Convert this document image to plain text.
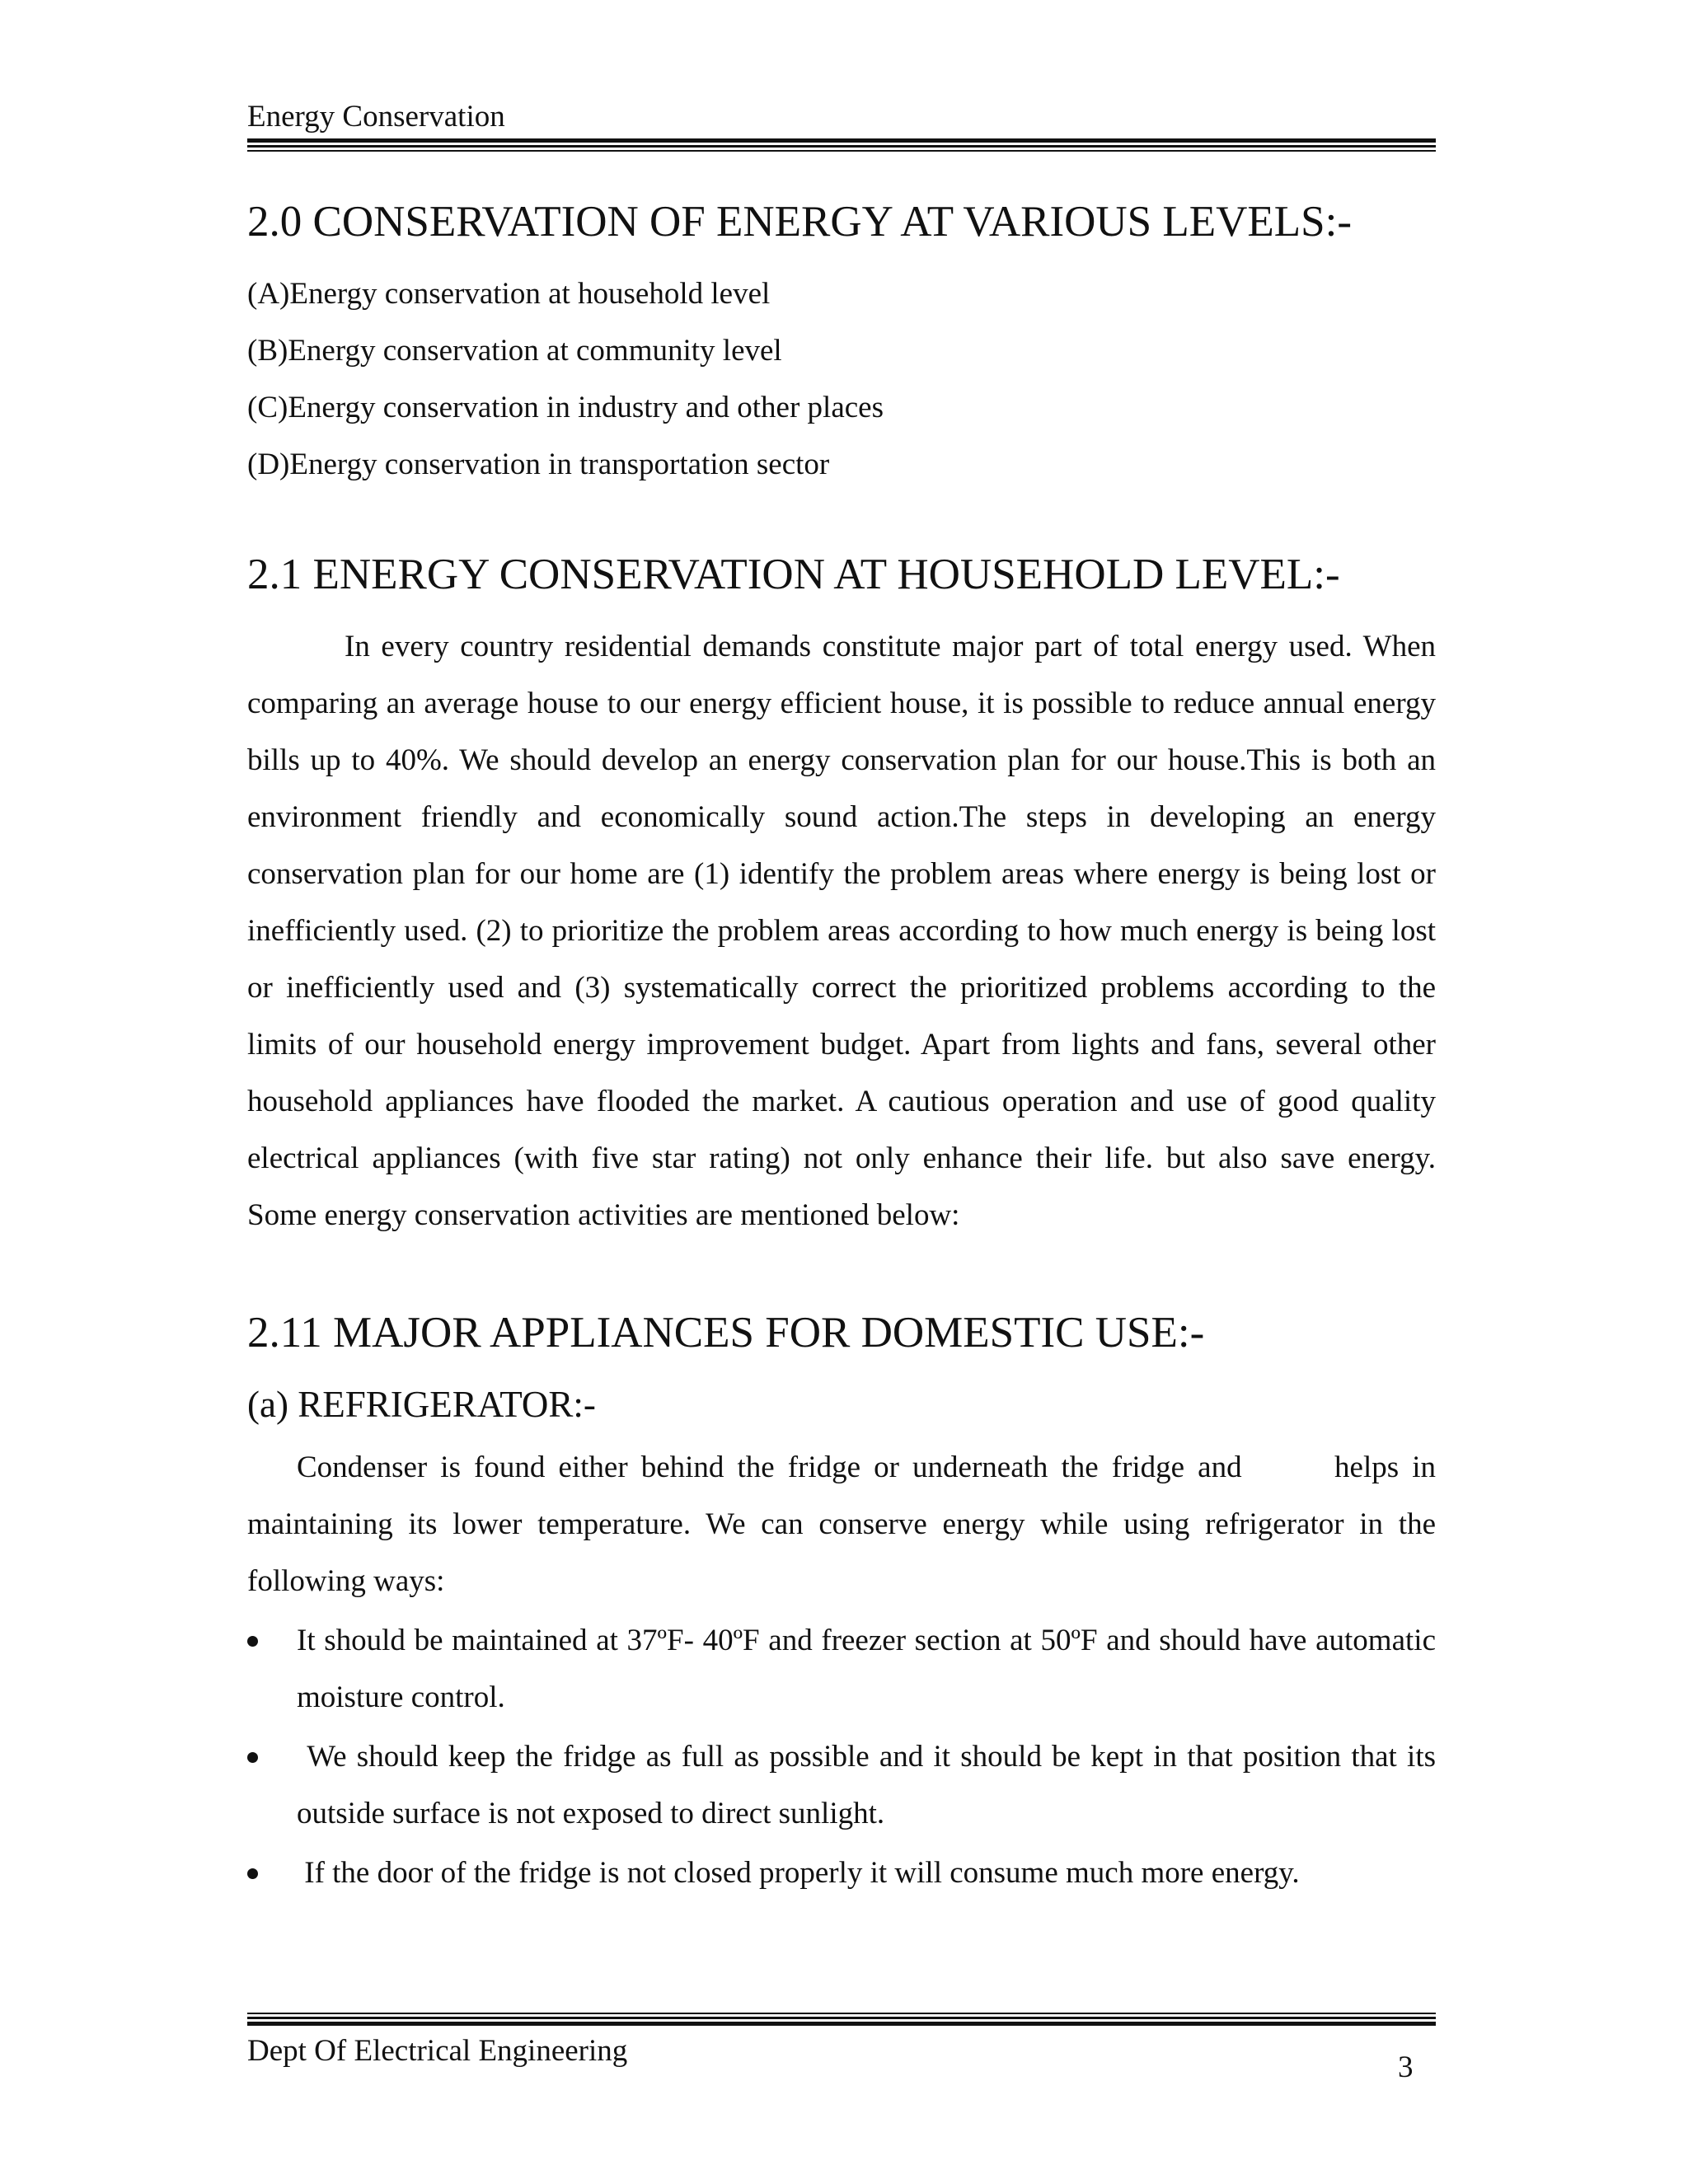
Energy Conservation
2.0 CONSERVATION OF ENERGY AT VARIOUS LEVELS:-
(A)Energy conservation at household level
(B)Energy conservation at community level
(C)Energy conservation in industry and other places
(D)Energy conservation in transportation sector
2.1 ENERGY CONSERVATION AT HOUSEHOLD LEVEL:-

In every country residential demands constitute major part of total energy used. When comparing an average house to our energy efficient house, it is possible to reduce annual energy bills up to 40%. We should develop an energy conservation plan for our house.This is both an environment friendly and economically sound action.The steps in developing an energy conservation plan for our home are (1) identify the problem areas where energy is being lost or inefficiently used. (2) to prioritize the problem areas according to how much energy is being lost or inefficiently used and (3) systematically correct the prioritized problems according to the limits of our household energy improvement budget. Apart from lights and fans, several other household appliances have flooded the market. A cautious operation and use of good quality electrical appliances (with five star rating) not only enhance their life. but also save energy. Some energy conservation activities are mentioned below:

2.11 MAJOR APPLIANCES FOR DOMESTIC USE:-
(a) REFRIGERATOR:-

Condenser is found either behind the fridge or underneath the fridge and       helps in maintaining its lower temperature. We can conserve energy while using refrigerator in the following ways:

It should be maintained at 37ºF- 40ºF and freezer section at 50ºF and should have automatic moisture control.
We should keep the fridge as full as possible and it should be kept in that position that its outside surface is not exposed to direct sunlight.
If the door of the fridge is not closed properly it will consume much more energy.
Dept Of Electrical Engineering	3
